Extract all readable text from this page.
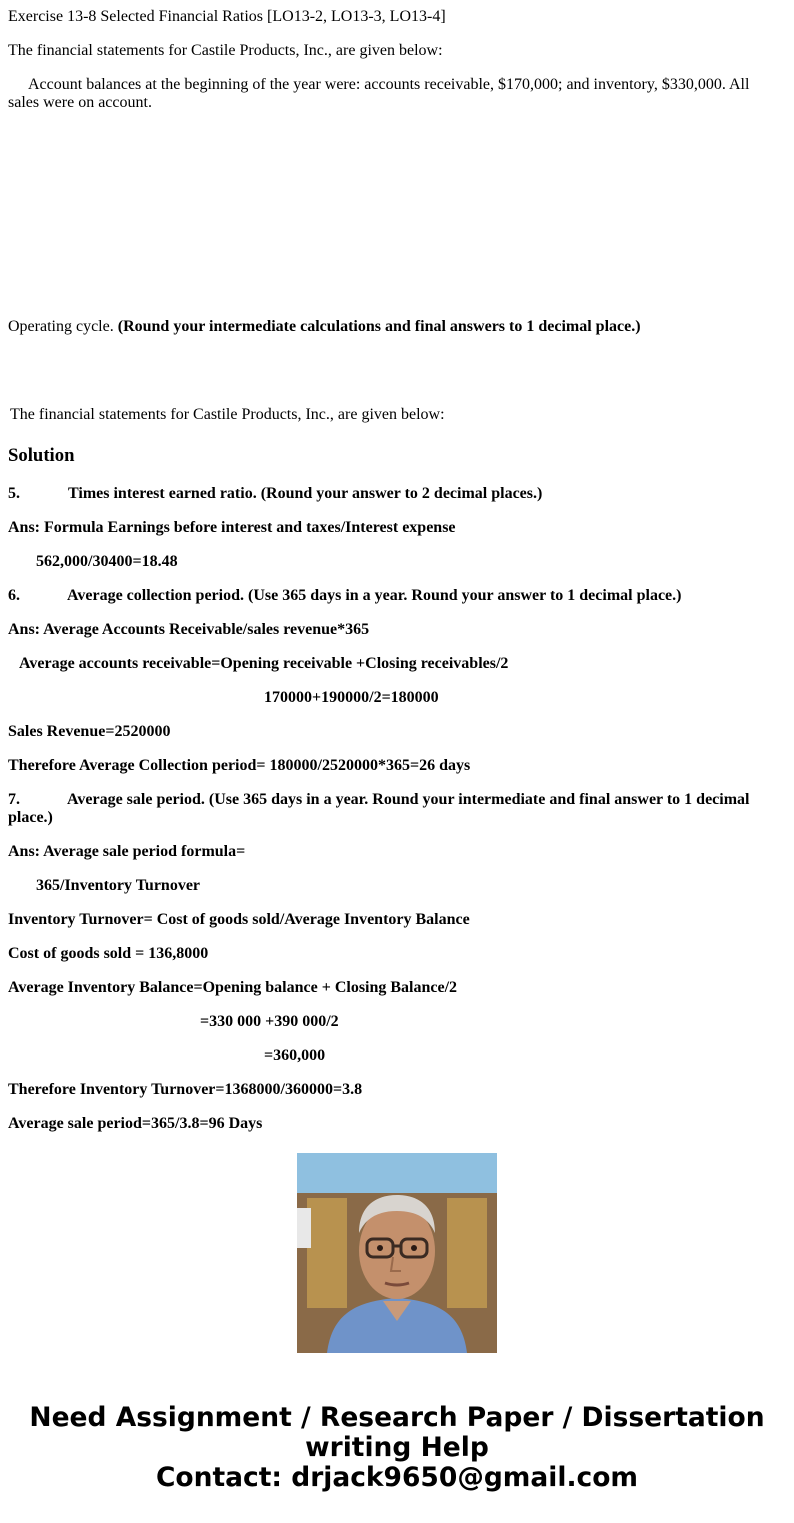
Exercise 13-8 Selected Financial Ratios [LO13-2, LO13-3, LO13-4]
The financial statements for Castile Products, Inc., are given below:
Account balances at the beginning of the year were: accounts receivable, $170,000; and inventory, $330,000. All sales were on account.
Operating cycle. (Round your intermediate calculations and final answers to 1 decimal place.)
The financial statements for Castile Products, Inc., are given below:
Solution
5.	Times interest earned ratio. (Round your answer to 2 decimal places.)
Ans: Formula Earnings before interest and taxes/Interest expense
562,000/30400=18.48
6.	Average collection period. (Use 365 days in a year. Round your answer to 1 decimal place.)
Ans: Average Accounts Receivable/sales revenue*365
Average accounts receivable=Opening receivable +Closing receivables/2
170000+190000/2=180000
Sales Revenue=2520000
Therefore Average Collection period= 180000/2520000*365=26 days
7.	Average sale period. (Use 365 days in a year. Round your intermediate and final answer to 1 decimal place.)
Ans: Average sale period formula=
365/Inventory Turnover
Inventory Turnover= Cost of goods sold/Average Inventory Balance
Cost of goods sold = 136,8000
Average Inventory Balance=Opening balance + Closing Balance/2
=330 000 +390 000/2
=360,000
Therefore Inventory Turnover=1368000/360000=3.8
Average sale period=365/3.8=96 Days
Need Assignment / Research Paper / Dissertation
writing Help
Contact: drjack9650@gmail.com
